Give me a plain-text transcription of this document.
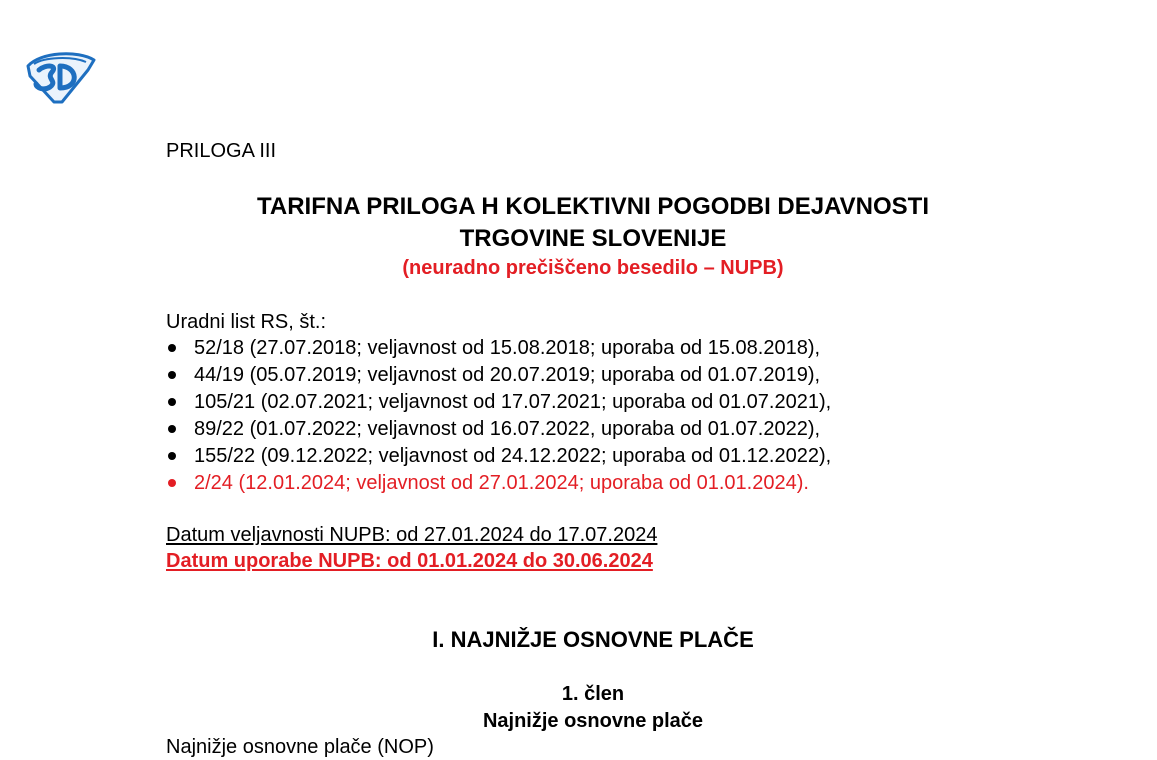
PRILOGA III
TARIFNA PRILOGA H KOLEKTIVNI POGODBI DEJAVNOSTI
TRGOVINE SLOVENIJE
(neuradno prečiščeno besedilo – NUPB)
Uradni list RS, št.:
52/18 (27.07.2018; veljavnost od 15.08.2018; uporaba od 15.08.2018),
44/19 (05.07.2019; veljavnost od 20.07.2019; uporaba od 01.07.2019),
105/21 (02.07.2021; veljavnost od 17.07.2021; uporaba od 01.07.2021),
89/22 (01.07.2022; veljavnost od 16.07.2022, uporaba od 01.07.2022),
155/22 (09.12.2022; veljavnost od 24.12.2022; uporaba od 01.12.2022),
2/24 (12.01.2024; veljavnost od 27.01.2024; uporaba od 01.01.2024).
Datum veljavnosti NUPB: od 27.01.2024 do 17.07.2024
Datum uporabe NUPB: od 01.01.2024 do 30.06.2024
I. NAJNIŽJE OSNOVNE PLAČE
1. člen
Najnižje osnovne plače
Najnižje osnovne plače (NOP)
